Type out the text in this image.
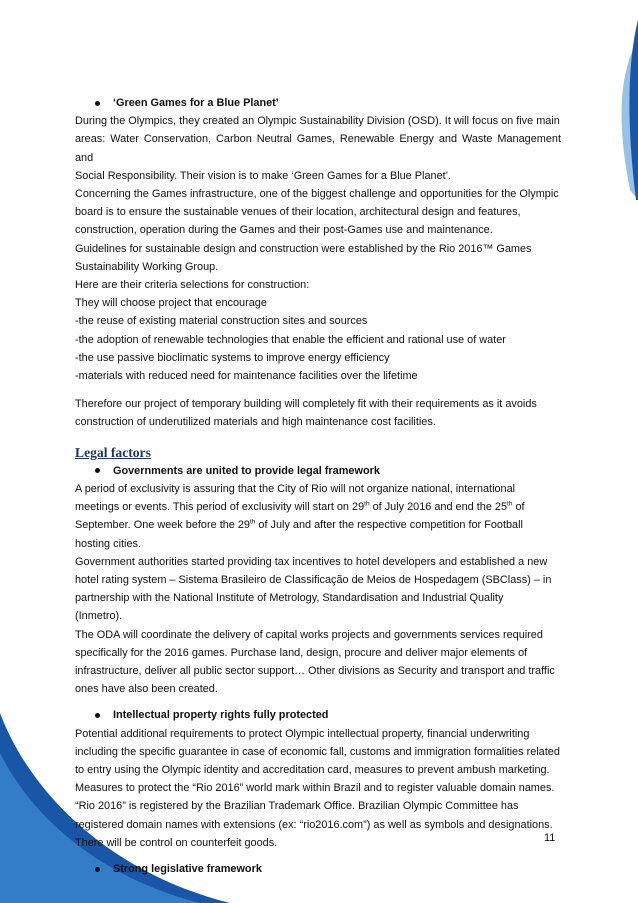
‘Green Games for a Blue Planet’

During the Olympics, they created an Olympic Sustainability Division (OSD). It will focus on five main

areas: Water Conservation, Carbon Neutral Games, Renewable Energy and Waste Management and

Social Responsibility. Their vision is to make ‘Green Games for a Blue Planet’.

Concerning the Games infrastructure, one of the biggest challenge and opportunities for the Olympic

board is to ensure the sustainable venues of their location, architectural design and features,

construction, operation during the Games and their post-Games use and maintenance.

Guidelines for sustainable design and construction were established by the Rio 2016™ Games

Sustainability Working Group.

Here are their criteria selections for construction:

They will choose project that encourage

-the reuse of existing material construction sites and sources

-the adoption of renewable technologies that enable the efficient and rational use of water

-the use passive bioclimatic systems to improve energy efficiency

-materials with reduced need for maintenance facilities over the lifetime

Therefore our project of temporary building will completely fit with their requirements as it avoids

construction of underutilized materials and high maintenance cost facilities.

Legal factors
Governments are united to provide legal framework

A period of exclusivity is assuring that the City of Rio will not organize national, international

meetings or events. This period of exclusivity will start on 29th of July 2016 and end the 25th of

September. One week before the 29th of July and after the respective competition for Football

hosting cities.

Government authorities started providing tax incentives to hotel developers and established a new

hotel rating system – Sistema Brasileiro de Classificação de Meios de Hospedagem (SBClass) – in

partnership with the National Institute of Metrology, Standardisation and Industrial Quality

(Inmetro).

The ODA will coordinate the delivery of capital works projects and governments services required

specifically for the 2016 games. Purchase land, design, procure and deliver major elements of

infrastructure, deliver all public sector support… Other divisions as Security and transport and traffic

ones have also been created.

Intellectual property rights fully protected

Potential additional requirements to protect Olympic intellectual property, financial underwriting

including the specific guarantee in case of economic fall, customs and immigration formalities related

to entry using the Olympic identity and accreditation card, measures to prevent ambush marketing.

Measures to protect the “Rio 2016” world mark within Brazil and to register valuable domain names.

“Rio 2016” is registered by the Brazilian Trademark Office. Brazilian Olympic Committee has

registered domain names with extensions (ex: “rio2016.com”) as well as symbols and designations.

There will be control on counterfeit goods.

Strong legislative framework
11
